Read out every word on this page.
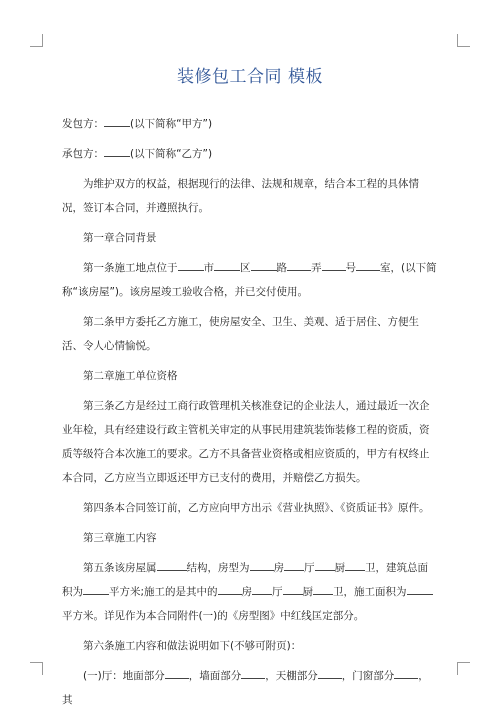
装修包工合同 模板

发包方： (以下简称“甲方”)

承包方： (以下简称“乙方”)

为维护双方的权益，根据现行的法律、法规和规章，结合本工程的具体情况，签订本合同，并遵照执行。

第一章合同背景

第一条施工地点位于 市 区 路 弄 号 室，(以下简称“该房屋”)。该房屋竣工验收合格，并已交付使用。

第二条甲方委托乙方施工，使房屋安全、卫生、美观、适于居住、方便生活、令人心情愉悦。

第二章施工单位资格

第三条乙方是经过工商行政管理机关核准登记的企业法人，通过最近一次企业年检，具有经建设行政主管机关审定的从事民用建筑装饰装修工程的资质，资质等级符合本次施工的要求。乙方不具备营业资格或相应资质的，甲方有权终止本合同，乙方应当立即返还甲方已支付的费用，并赔偿乙方损失。

第四条本合同签订前，乙方应向甲方出示《营业执照》、《资质证书》原件。

第三章施工内容

第五条该房屋属	结构，房型为 房 厅 厨 卫，建筑总面积为 平方米;施工的是其中的 房 厅 厨 卫，施工面积为平方米。详见作为本合同附件(一)的《房型图》中红线匡定部分。

第六条施工内容和做法说明如下(不够可附页)：

(一)厅：地面部分 ，墙面部分 ，天棚部分 ，门窗部分 ，其
